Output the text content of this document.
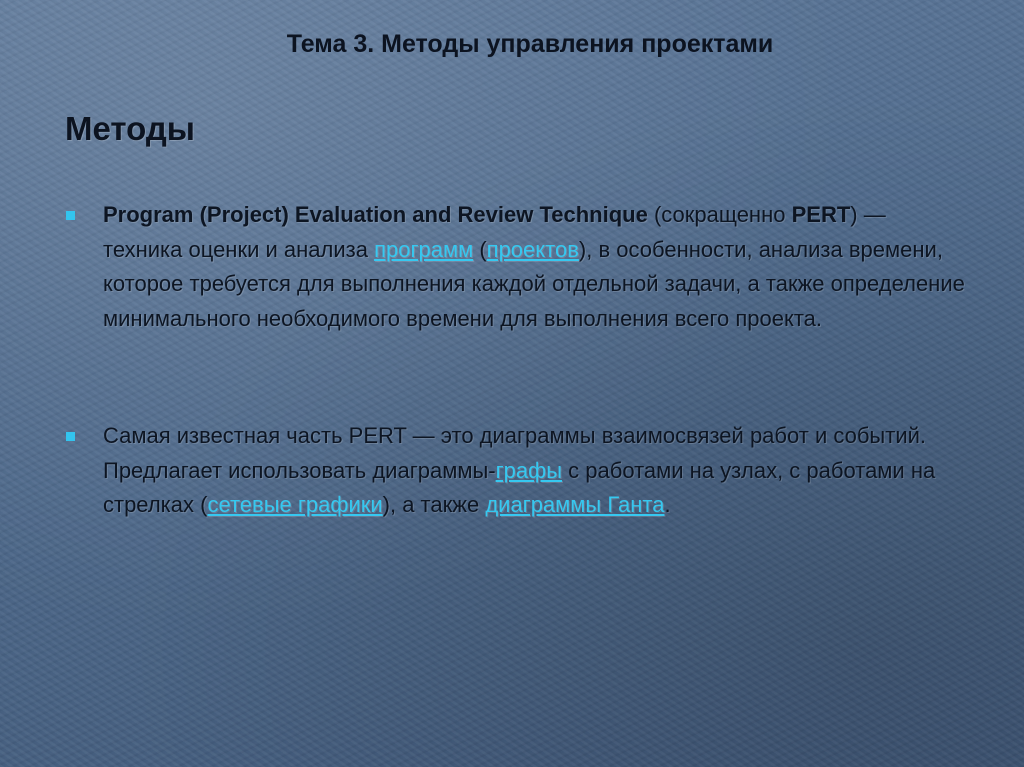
Тема 3. Методы управления проектами
Методы
Program (Project) Evaluation and Review Technique (сокращенно PERT) — техника оценки и анализа программ (проектов), в особенности, анализа времени, которое требуется для выполнения каждой отдельной задачи, а также определение минимального необходимого времени для выполнения всего проекта.
Самая известная часть PERT — это диаграммы взаимосвязей работ и событий. Предлагает использовать диаграммы-графы с работами на узлах, с работами на стрелках (сетевые графики), а также диаграммы Ганта.
